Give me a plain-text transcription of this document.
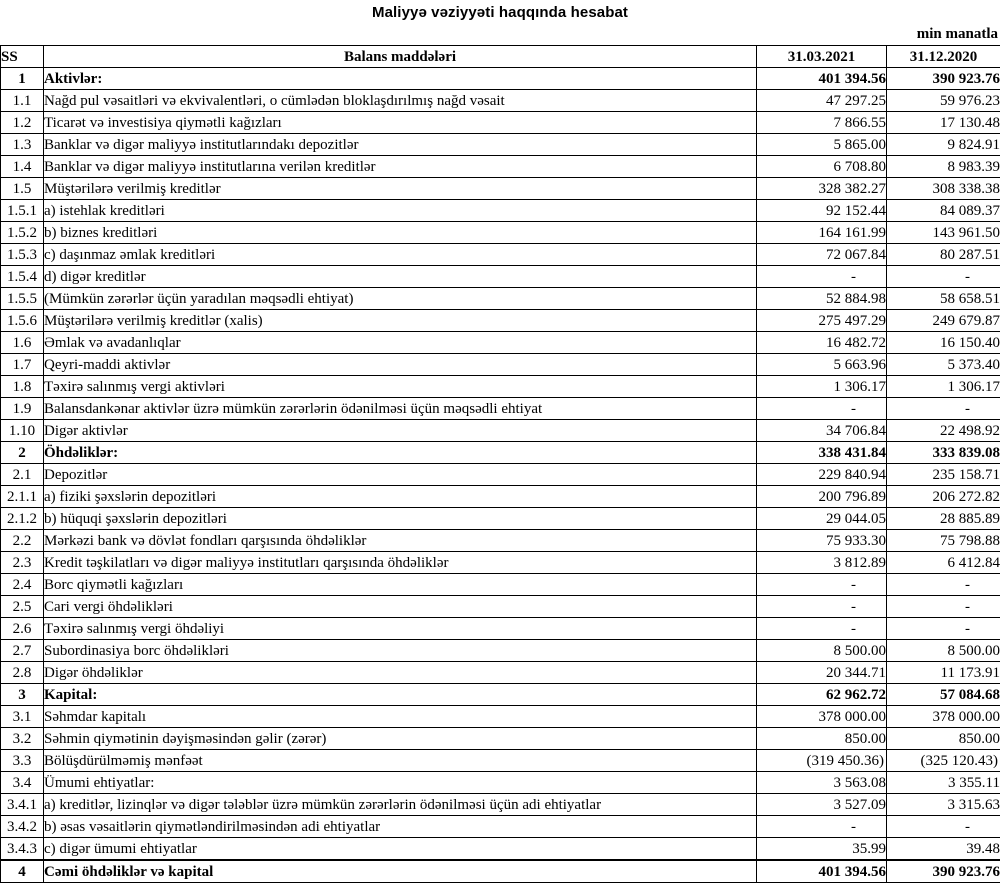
Maliyyə vəziyyəti haqqında hesabat
min manatla
SS	Balans maddələri	31.03.2021	31.12.2020
1	Aktivlər:	401 394.56	390 923.76
1.1	Nağd pul vəsaitləri və ekvivalentləri, o cümlədən bloklaşdırılmış nağd vəsait	47 297.25	59 976.23
1.2	Ticarət və investisiya qiymətli kağızları	7 866.55	17 130.48
1.3	Banklar və digər maliyyə institutlarındakı depozitlər	5 865.00	9 824.91
1.4	Banklar və digər maliyyə institutlarına verilən kreditlər	6 708.80	8 983.39
1.5	Müştərilərə verilmiş kreditlər	328 382.27	308 338.38
1.5.1	a) istehlak kreditləri	92 152.44	84 089.37
1.5.2	b) biznes kreditləri	164 161.99	143 961.50
1.5.3	c) daşınmaz əmlak kreditləri	72 067.84	80 287.51
1.5.4	d) digər kreditlər	-	-
1.5.5	(Mümkün zərərlər üçün yaradılan məqsədli ehtiyat)	52 884.98	58 658.51
1.5.6	Müştərilərə verilmiş kreditlər (xalis)	275 497.29	249 679.87
1.6	Əmlak və avadanlıqlar	16 482.72	16 150.40
1.7	Qeyri-maddi aktivlər	5 663.96	5 373.40
1.8	Təxirə salınmış vergi aktivləri	1 306.17	1 306.17
1.9	Balansdankənar aktivlər üzrə mümkün zərərlərin ödənilməsi üçün məqsədli ehtiyat	-	-
1.10	Digər aktivlər	34 706.84	22 498.92
2	Öhdəliklər:	338 431.84	333 839.08
2.1	Depozitlər	229 840.94	235 158.71
2.1.1	a) fiziki şəxslərin depozitləri	200 796.89	206 272.82
2.1.2	b) hüquqi şəxslərin depozitləri	29 044.05	28 885.89
2.2	Mərkəzi bank və dövlət fondları qarşısında öhdəliklər	75 933.30	75 798.88
2.3	Kredit təşkilatları və digər maliyyə institutları qarşısında öhdəliklər	3 812.89	6 412.84
2.4	Borc qiymətli kağızları	-	-
2.5	Cari vergi öhdəlikləri	-	-
2.6	Təxirə salınmış vergi öhdəliyi	-	-
2.7	Subordinasiya borc öhdəlikləri	8 500.00	8 500.00
2.8	Digər öhdəliklər	20 344.71	11 173.91
3	Kapital:	62 962.72	57 084.68
3.1	Səhmdar kapitalı	378 000.00	378 000.00
3.2	Səhmin qiymətinin dəyişməsindən gəlir (zərər)	850.00	850.00
3.3	Bölüşdürülməmiş mənfəət	(319 450.36)	(325 120.43)
3.4	Ümumi ehtiyatlar:	3 563.08	3 355.11
3.4.1	a) kreditlər, lizinqlər və digər tələblər üzrə mümkün zərərlərin ödənilməsi üçün adi ehtiyatlar	3 527.09	3 315.63
3.4.2	b) əsas vəsaitlərin qiymətləndirilməsindən adi ehtiyatlar	-	-
3.4.3	c) digər ümumi ehtiyatlar	35.99	39.48
4	Cəmi öhdəliklər və kapital	401 394.56	390 923.76
